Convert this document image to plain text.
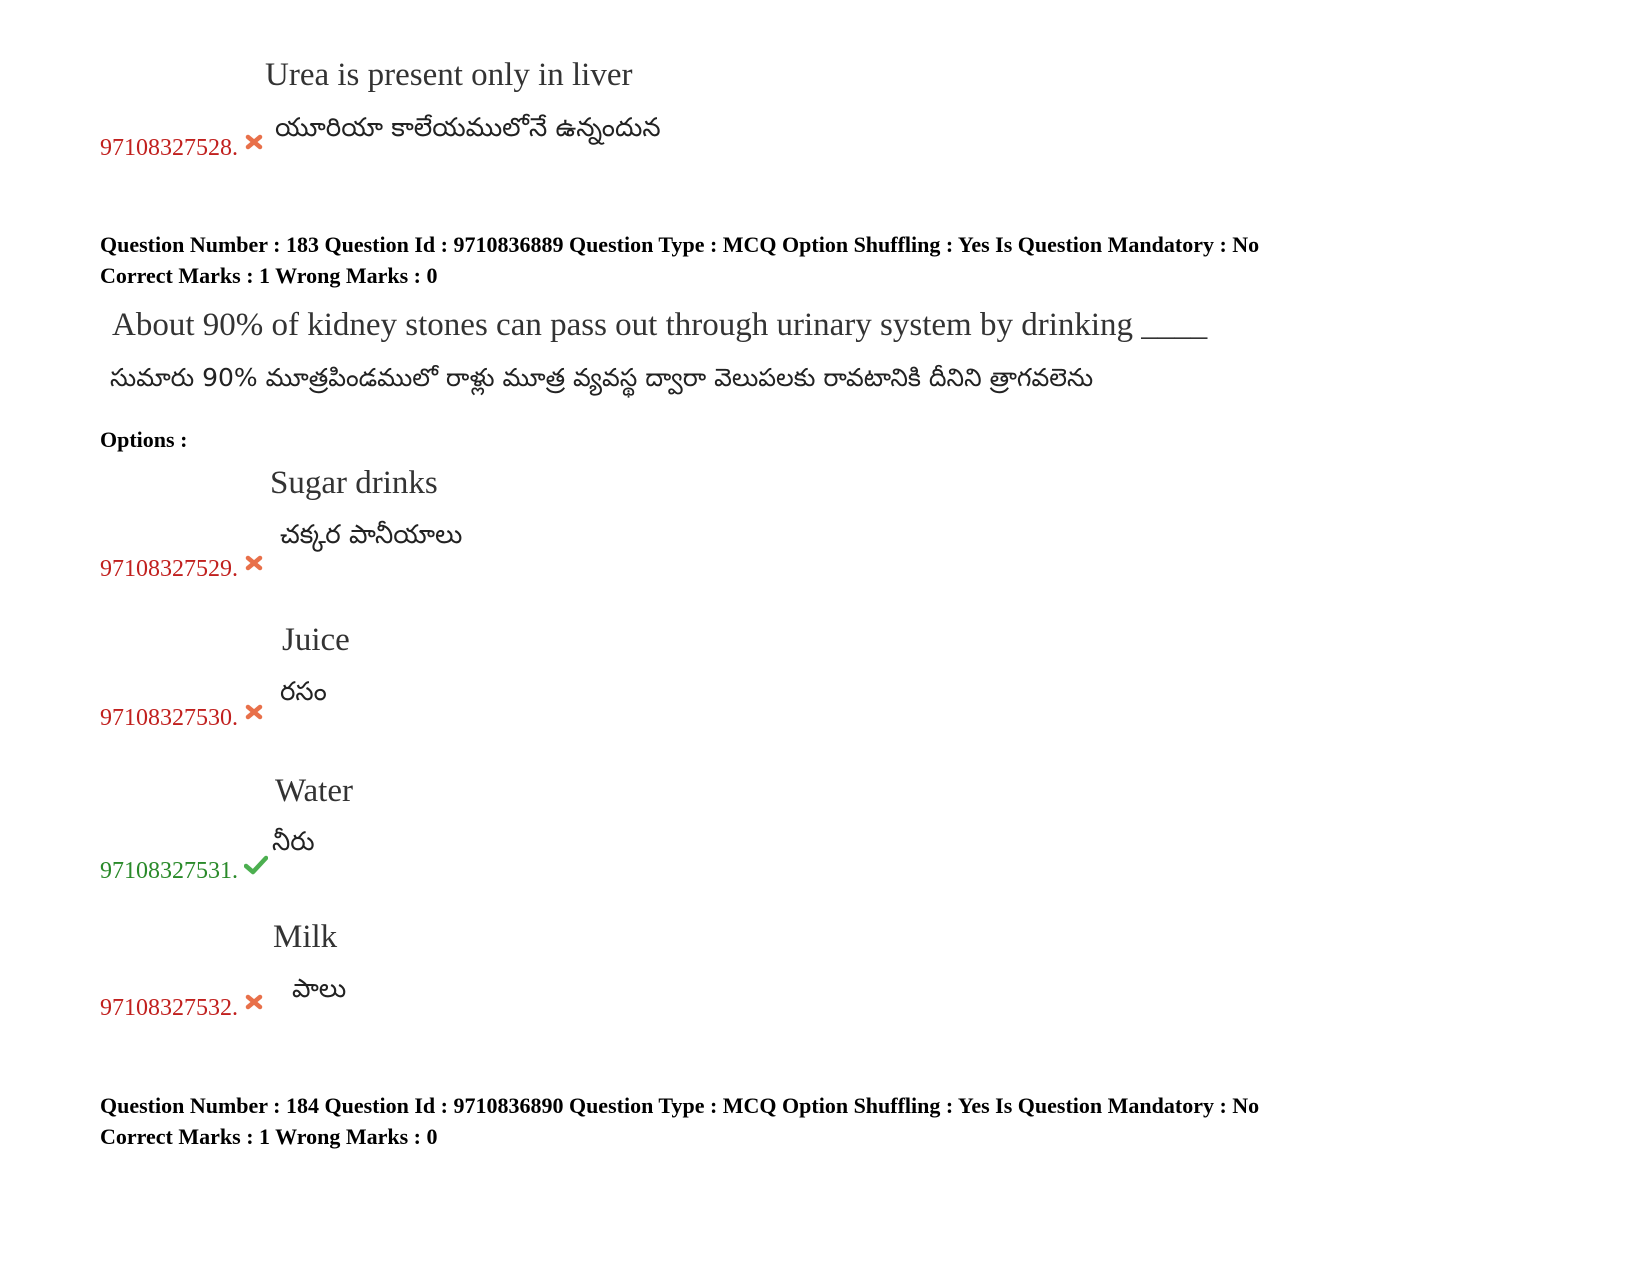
Urea is present only in liver
యూరియా కాలేయములోనే ఉన్నందున
97108327528.
Question Number : 183 Question Id : 9710836889 Question Type : MCQ Option Shuffling : Yes Is Question Mandatory : No
Correct Marks : 1 Wrong Marks : 0
About 90% of kidney stones can pass out through urinary system by drinking ____
సుమారు 90% మూత్రపిండములో రాళ్లు మూత్ర వ్యవస్థ ద్వారా వెలుపలకు రావటానికి దీనిని త్రాగవలెను
Options :
Sugar drinks
చక్కర పానీయాలు
97108327529.
Juice
రసం
97108327530.
Water
నీరు
97108327531.
Milk
పాలు
97108327532.
Question Number : 184 Question Id : 9710836890 Question Type : MCQ Option Shuffling : Yes Is Question Mandatory : No
Correct Marks : 1 Wrong Marks : 0
